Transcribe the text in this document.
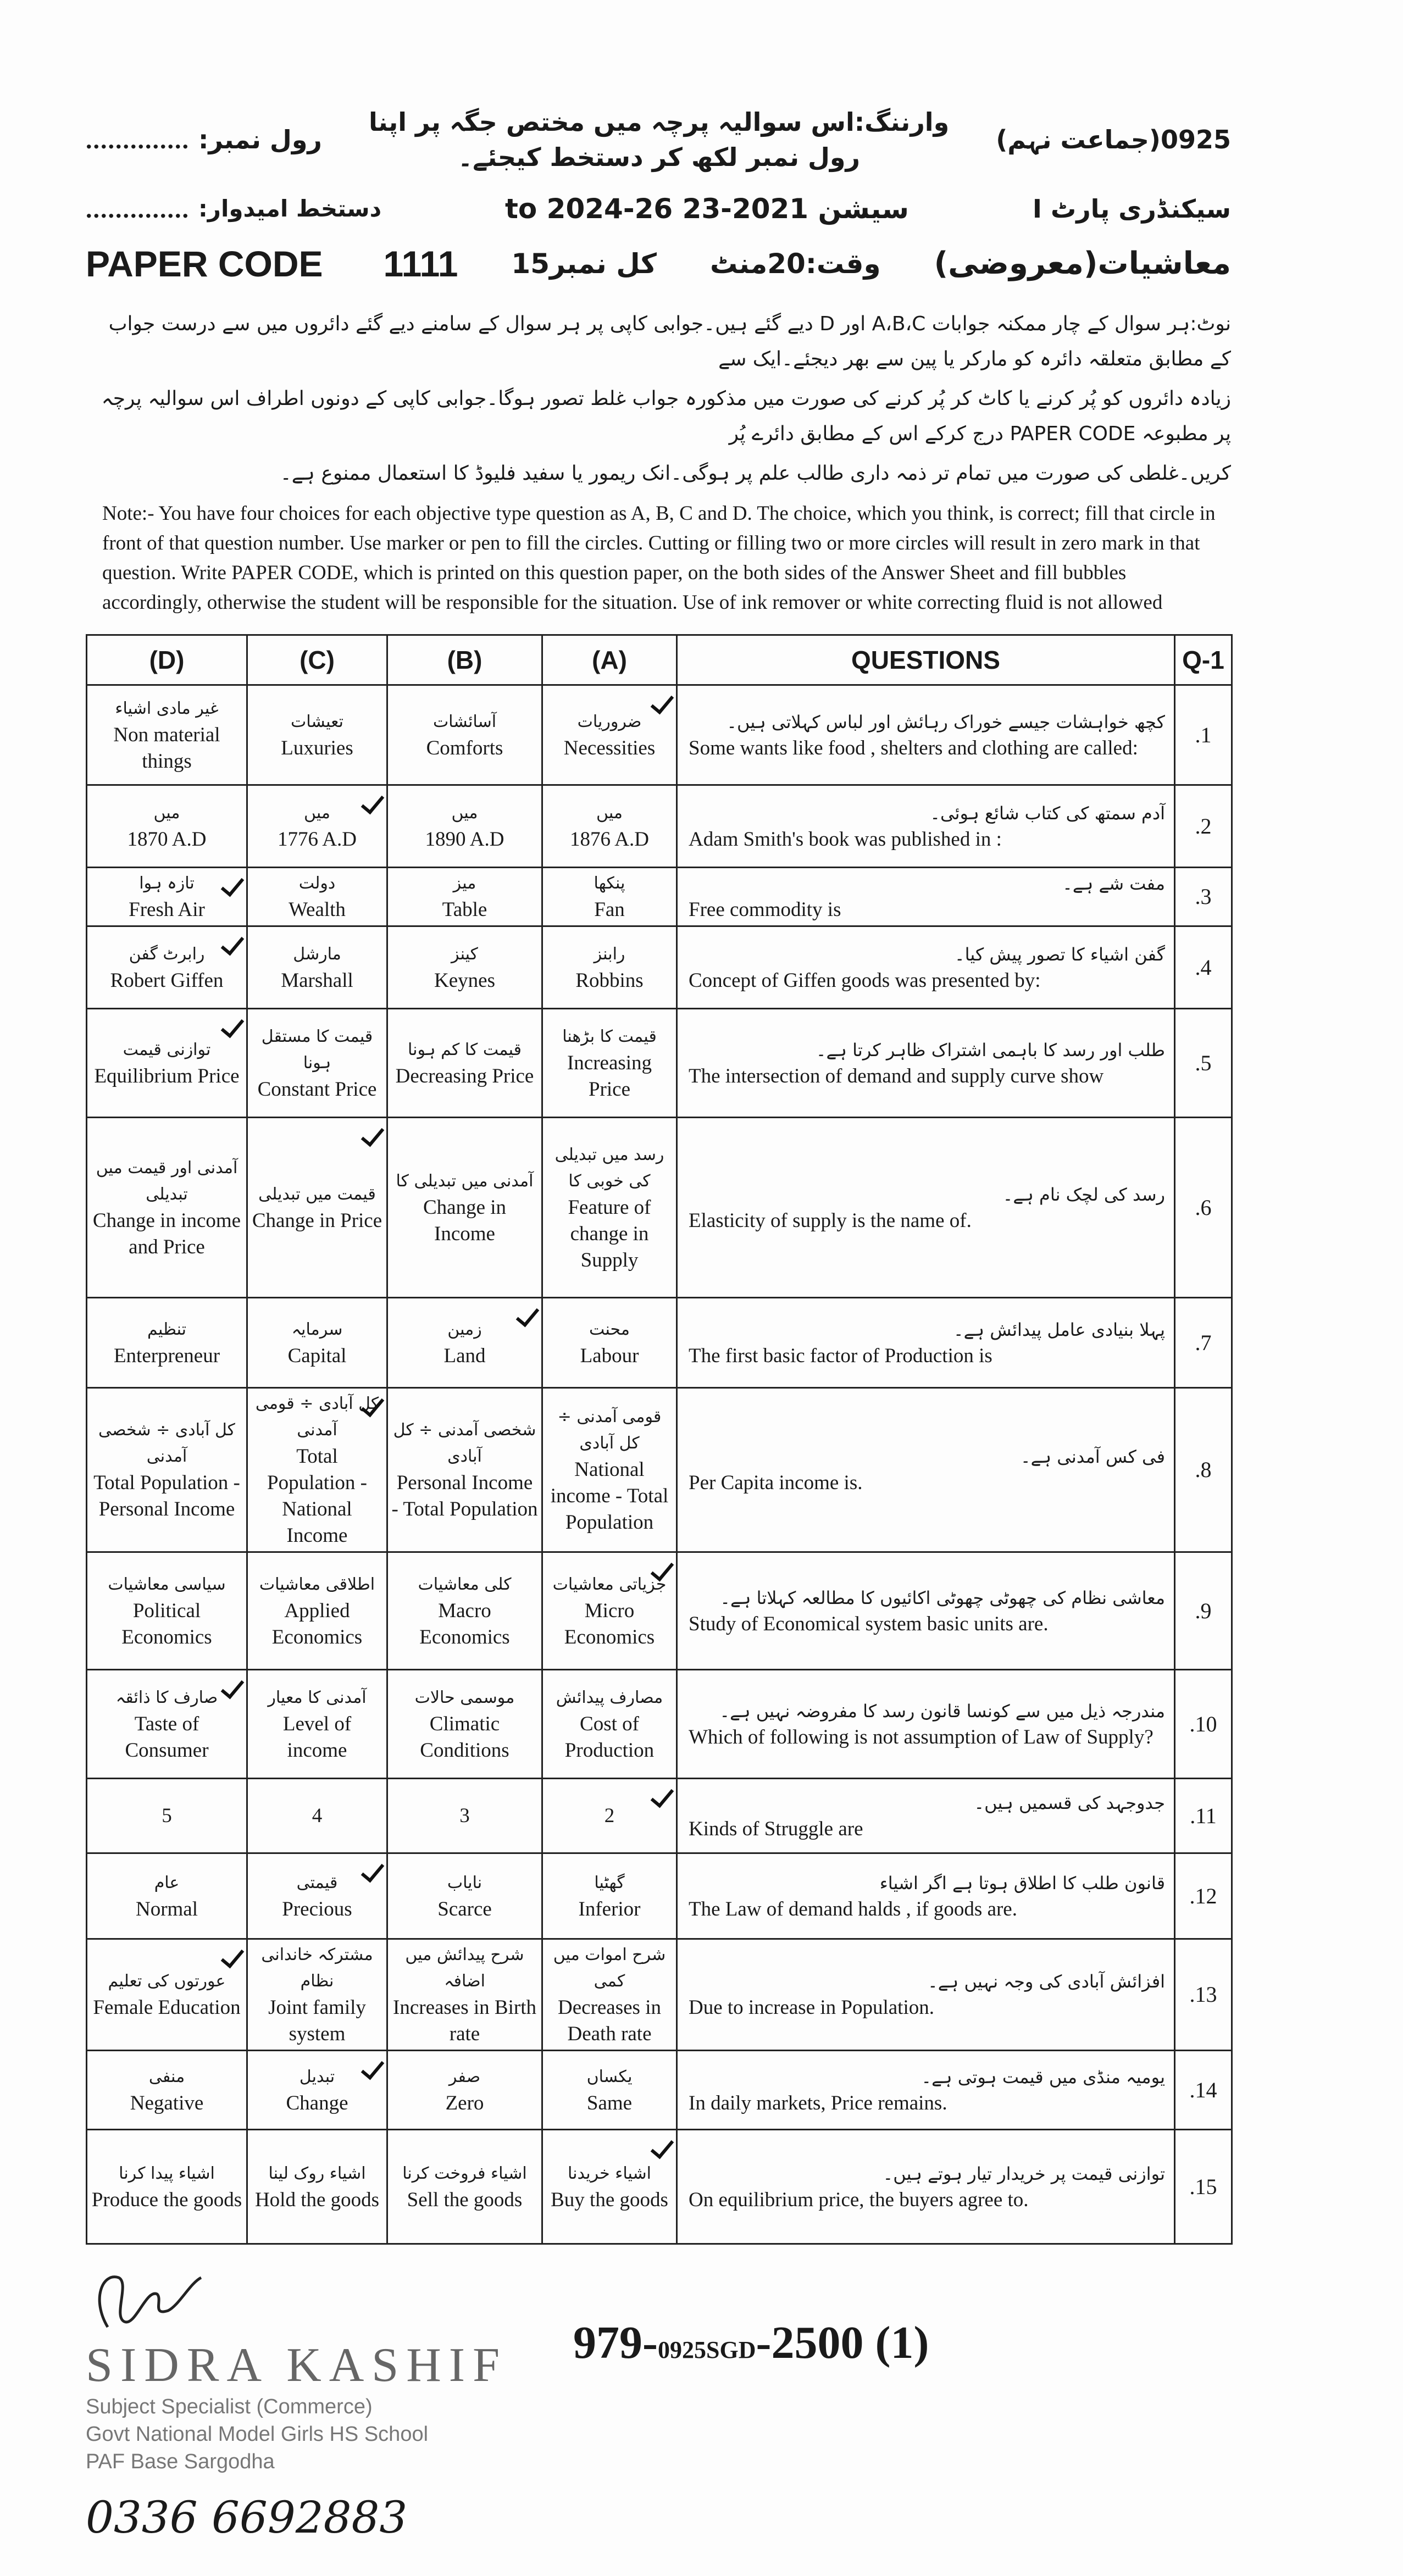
.............. رول نمبر:
وارننگ:اس سوالیہ پرچہ میں مختص جگہ پر اپنا رول نمبر لکھ کر دستخط کیجئے۔
0925(جماعت نہم)
.............. دستخط امیدوار:	سیشن 2021-23 to 2024-26	سیکنڈری پارٹ I
PAPER CODE 1111 کل نمبر15 وقت:20منٹ معاشیات(معروضی)
نوٹ:ہر سوال کے چار ممکنہ جوابات A،B،C اور D دیے گئے ہیں۔جوابی کاپی پر ہر سوال کے سامنے دیے گئے دائروں میں سے درست جواب کے مطابق متعلقہ دائرہ کو مارکر یا پین سے بھر دیجئے۔ایک سے
زیادہ دائروں کو پُر کرنے یا کاٹ کر پُر کرنے کی صورت میں مذکورہ جواب غلط تصور ہوگا۔جوابی کاپی کے دونوں اطراف اس سوالیہ پرچہ پر مطبوعہ PAPER CODE درج کرکے اس کے مطابق دائرے پُر
کریں۔غلطی کی صورت میں تمام تر ذمہ داری طالب علم پر ہوگی۔انک ریمور یا سفید فلیوڈ کا استعمال ممنوع ہے۔
Note:- You have four choices for each objective type question as A, B, C and D. The choice, which you think, is correct; fill that circle in front of that question number. Use marker or pen to fill the circles. Cutting or filling two or more circles will result in zero mark in that question. Write PAPER CODE, which is printed on this question paper, on the both sides of the Answer Sheet and fill bubbles accordingly, otherwise the student will be responsible for the situation. Use of ink remover or white correcting fluid is not allowed
(D)	(C)	(B)	(A)	QUESTIONS	Q-1

غیر مادی اشیاء
Non material things	تعیشات
Luxuries	آسائشات
Comforts	ضروریات
Necessities	کچھ خواہشات جیسے خوراک رہائش اور لباس کہلاتی ہیں۔
Some wants like food , shelters and clothing are called:	.1

میں
1870 A.D	میں
1776 A.D	میں
1890 A.D	میں
1876 A.D	آدم سمتھ کی کتاب شائع ہوئی۔
Adam Smith's book was published in :	.2

تازہ ہوا
Fresh Air	دولت
Wealth	میز
Table	پنکھا
Fan	مفت شے ہے۔
Free commodity is	.3

رابرٹ گفن
Robert Giffen	مارشل
Marshall	کینز
Keynes	رابنز
Robbins	گفن اشیاء کا تصور پیش کیا۔
Concept of Giffen goods was presented by:	.4

توازنی قیمت
Equilibrium Price	قیمت کا مستقل ہونا
Constant Price	قیمت کا کم ہونا
Decreasing Price	قیمت کا بڑھنا
Increasing Price	طلب اور رسد کا باہمی اشتراک ظاہر کرتا ہے۔
The intersection of demand and supply curve show	.5

آمدنی اور قیمت میں تبدیلی
Change in income and Price	قیمت میں تبدیلی
Change in Price	آمدنی میں تبدیلی کا
Change in Income	رسد میں تبدیلی کی خوبی کا
Feature of change in Supply	رسد کی لچک نام ہے۔
Elasticity of supply is the name of.	.6

تنظیم
Enterpreneur	سرمایہ
Capital	زمین
Land	محنت
Labour	پہلا بنیادی عامل پیدائش ہے۔
The first basic factor of Production is	.7

کل آبادی ÷ شخصی آمدنی
Total Population - Personal Income	کل آبادی ÷ قومی آمدنی
Total Population - National Income	شخصی آمدنی ÷ کل آبادی
Personal Income - Total Population	قومی آمدنی ÷ کل آبادی
National income - Total Population	فی کس آمدنی ہے۔
Per Capita income is.	.8

سیاسی معاشیات
Political Economics	اطلاقی معاشیات
Applied Economics	کلی معاشیات
Macro Economics	جزیاتی معاشیات
Micro Economics	معاشی نظام کی چھوٹی چھوٹی اکائیوں کا مطالعہ کہلاتا ہے۔
Study of Economical system basic units are.	.9

صارف کا ذائقہ
Taste of Consumer	آمدنی کا معیار
Level of income	موسمی حالات
Climatic Conditions	مصارف پیدائش
Cost of Production	مندرجہ ذیل میں سے کونسا قانون رسد کا مفروضہ نہیں ہے۔
Which of following is not assumption of Law of Supply?	.10

5	4	3	2	جدوجہد کی قسمیں ہیں۔
Kinds of Struggle are	.11

عام
Normal	قیمتی
Precious	نایاب
Scarce	گھٹیا
Inferior	قانون طلب کا اطلاق ہوتا ہے اگر اشیاء
The Law of demand halds , if goods are.	.12

عورتوں کی تعلیم
Female Education	مشترکہ خاندانی نظام
Joint family system	شرح پیدائش میں اضافہ
Increases in Birth rate	شرح اموات میں کمی
Decreases in Death rate	افزائش آبادی کی وجہ نہیں ہے۔
Due to increase in Population.	.13

منفی
Negative	تبدیل
Change	صفر
Zero	یکساں
Same	یومیہ منڈی میں قیمت ہوتی ہے۔
In daily markets, Price remains.	.14

اشیاء پیدا کرنا
Produce the goods	اشیاء روک لینا
Hold the goods	اشیاء فروخت کرنا
Sell the goods	اشیاء خریدنا
Buy the goods	توازنی قیمت پر خریدار تیار ہوتے ہیں۔
On equilibrium price, the buyers agree to.	.15
SIDRA KASHIF
Subject Specialist (Commerce)
Govt National Model Girls HS School
PAF Base Sargodha
0336 6692883
979-0925SGD-2500 (1)
